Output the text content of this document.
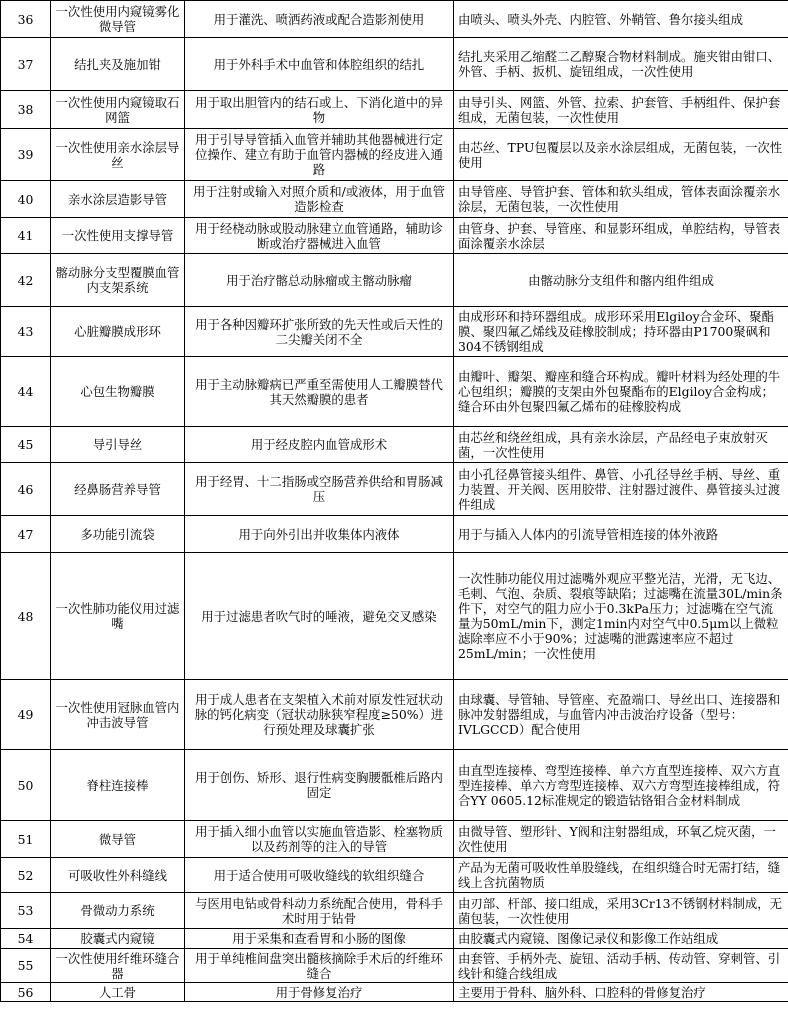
36	一次性使用内窥镜雾化微导管	用于灌洗、喷洒药液或配合造影剂使用	由喷头、喷头外壳、内腔管、外鞘管、鲁尔接头组成
37	结扎夹及施加钳	用于外科手术中血管和体腔组织的结扎	结扎夹采用乙缩醛二乙醇聚合物材料制成。施夹钳由钳口、外管、手柄、扳机、旋钮组成，一次性使用
38	一次性使用内窥镜取石网篮	用于取出胆管内的结石或上、下消化道中的异物	由导引头、网篮、外管、拉索、护套管、手柄组件、保护套组成，无菌包装，一次性使用
39	一次性使用亲水涂层导丝	用于引导导管插入血管并辅助其他器械进行定位操作、建立有助于血管内器械的经皮进入通路	由芯丝、TPU包覆层以及亲水涂层组成，无菌包装，一次性使用
40	亲水涂层造影导管	用于注射或输入对照介质和/或液体，用于血管造影检查	由导管座、导管护套、管体和软头组成，管体表面涂覆亲水涂层，无菌包装，一次性使用
41	一次性使用支撑导管	用于经桡动脉或股动脉建立血管通路，辅助诊断或治疗器械进入血管	由管身、护套、导管座、和显影环组成，单腔结构，导管表面涂覆亲水涂层
42	髂动脉分支型覆膜血管内支架系统	用于治疗髂总动脉瘤或主髂动脉瘤	由髂动脉分支组件和髂内组件组成
43	心脏瓣膜成形环	用于各种因瓣环扩张所致的先天性或后天性的二尖瓣关闭不全	由成形环和持环器组成。成形环采用Elgiloy合金环、聚酯膜、聚四氟乙烯线及硅橡胶制成；持环器由P1700聚砜和304不锈钢组成
44	心包生物瓣膜	用于主动脉瓣病已严重至需使用人工瓣膜替代其天然瓣膜的患者	由瓣叶、瓣架、瓣座和缝合环构成。瓣叶材料为经处理的牛心包组织；瓣膜的支架由外包聚酯布的Elgiloy合金构成；缝合环由外包聚四氟乙烯布的硅橡胶构成
45	导引导丝	用于经皮腔内血管成形术	由芯丝和绕丝组成，具有亲水涂层，产品经电子束放射灭菌，一次性使用
46	经鼻肠营养导管	用于经胃、十二指肠或空肠营养供给和胃肠减压	由小孔径鼻管接头组件、鼻管、小孔径导丝手柄、导丝、重力装置、开关阀、医用胶带、注射器过渡件、鼻管接头过渡件组成
47	多功能引流袋	用于向外引出并收集体内液体	用于与插入人体内的引流导管相连接的体外液路
48	一次性肺功能仪用过滤嘴	用于过滤患者吹气时的唾液，避免交叉感染	一次性肺功能仪用过滤嘴外观应平整光洁，光滑，无飞边、毛刺、气泡、杂质、裂痕等缺陷；过滤嘴在流量30L/min条件下，对空气的阻力应小于0.3kPa压力；过滤嘴在空气流量为50mL/min下，测定1min内对空气中0.5μm以上微粒滤除率应不小于90%；过滤嘴的泄露速率应不超过25mL/min；一次性使用
49	一次性使用冠脉血管内冲击波导管	用于成人患者在支架植入术前对原发性冠状动脉的钙化病变（冠状动脉狭窄程度≥50%）进行预处理及球囊扩张	由球囊、导管轴、导管座、充盈端口、导丝出口、连接器和脉冲发射器组成，与血管内冲击波治疗设备（型号：IVLGCCD）配合使用
50	脊柱连接棒	用于创伤、矫形、退行性病变胸腰骶椎后路内固定	由直型连接棒、弯型连接棒、单六方直型连接棒、双六方直型连接棒、单六方弯型连接棒、双六方弯型连接棒组成，符合YY 0605.12标准规定的锻造钴铬钼合金材料制成
51	微导管	用于插入细小血管以实施血管造影、栓塞物质以及药剂等的注入的导管	由微导管、塑形针、Y阀和注射器组成，环氧乙烷灭菌，一次性使用
52	可吸收性外科缝线	用于适合使用可吸收缝线的软组织缝合	产品为无菌可吸收性单股缝线，在组织缝合时无需打结，缝线上含抗菌物质
53	骨微动力系统	与医用电钻或骨科动力系统配合使用，骨科手术时用于钻骨	由刃部、杆部、接口组成，采用3Cr13不锈钢材料制成，无菌包装，一次性使用
54	胶囊式内窥镜	用于采集和查看胃和小肠的图像	由胶囊式内窥镜、图像记录仪和影像工作站组成
55	一次性使用纤维环缝合器	用于单纯椎间盘突出髓核摘除手术后的纤维环缝合	由套管、手柄外壳、旋钮、活动手柄、传动管、穿刺管、引线针和缝合线组成
56	人工骨	用于骨修复治疗	主要用于骨科、脑外科、口腔科的骨修复治疗
